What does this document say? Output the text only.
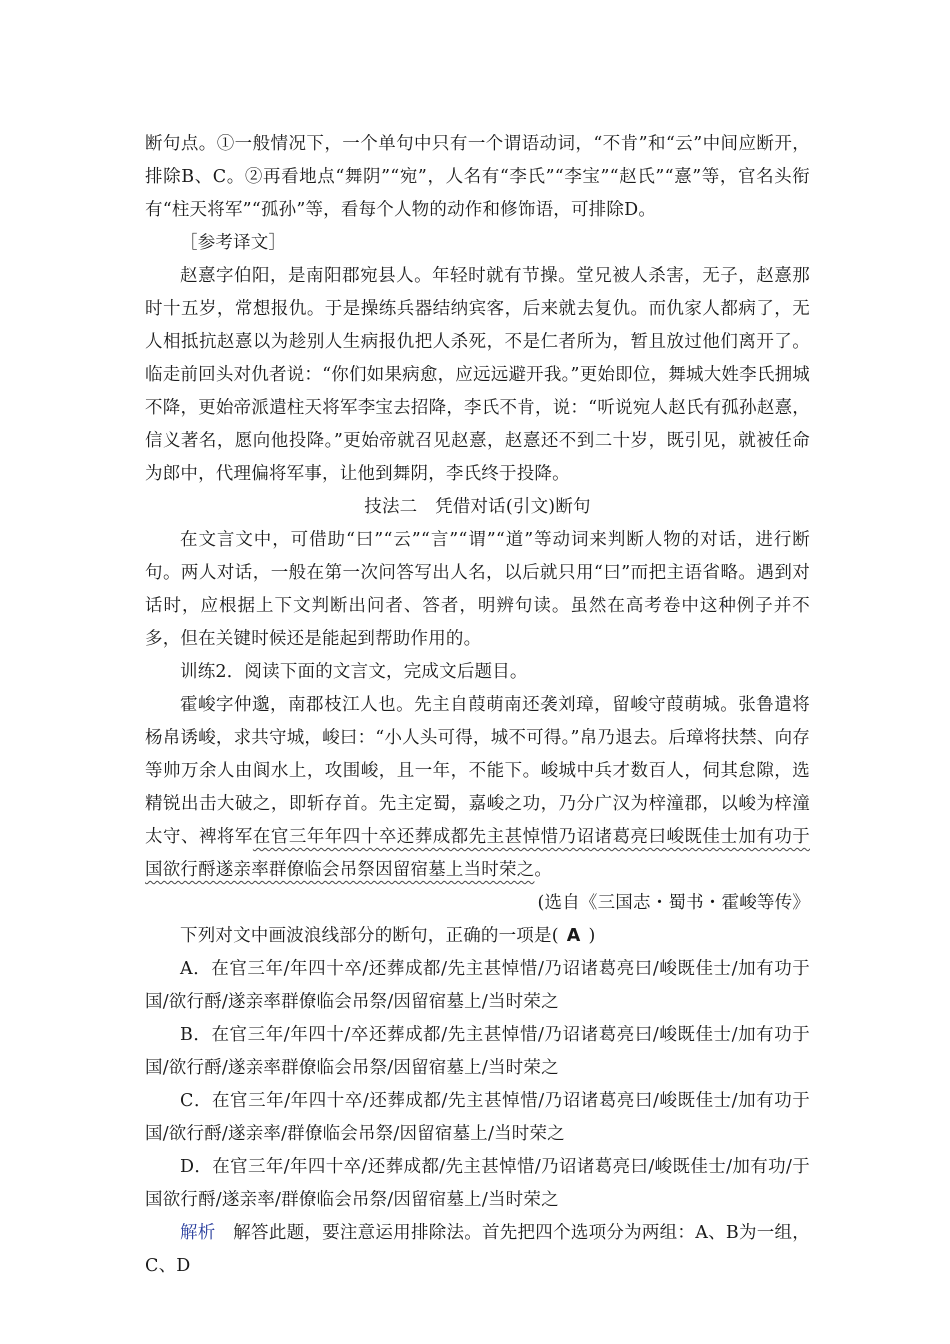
断句点。①一般情况下，一个单句中只有一个谓语动词，“不肯”和“云”中间应断开，排除B、C。②再看地点“舞阴”“宛”，人名有“李氏”“李宝”“赵氏”“憙”等，官名头衔有“柱天将军”“孤孙”等，看每个人物的动作和修饰语，可排除D。

［参考译文］

赵憙字伯阳，是南阳郡宛县人。年轻时就有节操。堂兄被人杀害，无子，赵憙那时十五岁，常想报仇。于是操练兵器结纳宾客，后来就去复仇。而仇家人都病了，无人相抵抗赵憙以为趁别人生病报仇把人杀死，不是仁者所为，暂且放过他们离开了。临走前回头对仇者说：“你们如果病愈，应远远避开我。”更始即位，舞城大姓李氏拥城不降，更始帝派遣柱天将军李宝去招降，李氏不肯，说：“听说宛人赵氏有孤孙赵憙，信义著名，愿向他投降。”更始帝就召见赵憙，赵憙还不到二十岁，既引见，就被任命为郎中，代理偏将军事，让他到舞阴，李氏终于投降。

技法二　凭借对话(引文)断句

在文言文中，可借助“曰”“云”“言”“谓”“道”等动词来判断人物的对话，进行断句。两人对话，一般在第一次问答写出人名，以后就只用“曰”而把主语省略。遇到对话时，应根据上下文判断出问者、答者，明辨句读。虽然在高考卷中这种例子并不多，但在关键时候还是能起到帮助作用的。

训练2．阅读下面的文言文，完成文后题目。

霍峻字仲邈，南郡枝江人也。先主自葭萌南还袭刘璋，留峻守葭萌城。张鲁遣将杨帛诱峻，求共守城，峻曰：“小人头可得，城不可得。”帛乃退去。后璋将扶禁、向存等帅万余人由阆水上，攻围峻，且一年，不能下。峻城中兵才数百人，伺其怠隙，选精锐出击大破之，即斩存首。先主定蜀，嘉峻之功，乃分广汉为梓潼郡，以峻为梓潼太守、裨将军在官三年年四十卒还葬成都先主甚悼惜乃诏诸葛亮曰峻既佳士加有功于国欲行酹遂亲率群僚临会吊祭因留宿墓上当时荣之。

(选自《三国志・蜀书・霍峻等传》

下列对文中画波浪线部分的断句，正确的一项是( A )

A．在官三年/年四十卒/还葬成都/先主甚悼惜/乃诏诸葛亮曰/峻既佳士/加有功于国/欲行酹/遂亲率群僚临会吊祭/因留宿墓上/当时荣之

B．在官三年/年四十/卒还葬成都/先主甚悼惜/乃诏诸葛亮曰/峻既佳士/加有功于国/欲行酹/遂亲率群僚临会吊祭/因留宿墓上/当时荣之

C．在官三年/年四十卒/还葬成都/先主甚悼惜/乃诏诸葛亮曰/峻既佳士/加有功于国/欲行酹/遂亲率/群僚临会吊祭/因留宿墓上/当时荣之

D．在官三年/年四十卒/还葬成都/先主甚悼惜/乃诏诸葛亮曰/峻既佳士/加有功/于国欲行酹/遂亲率/群僚临会吊祭/因留宿墓上/当时荣之

解析　 解答此题，要注意运用排除法。首先把四个选项分为两组：A、B为一组，C、D
